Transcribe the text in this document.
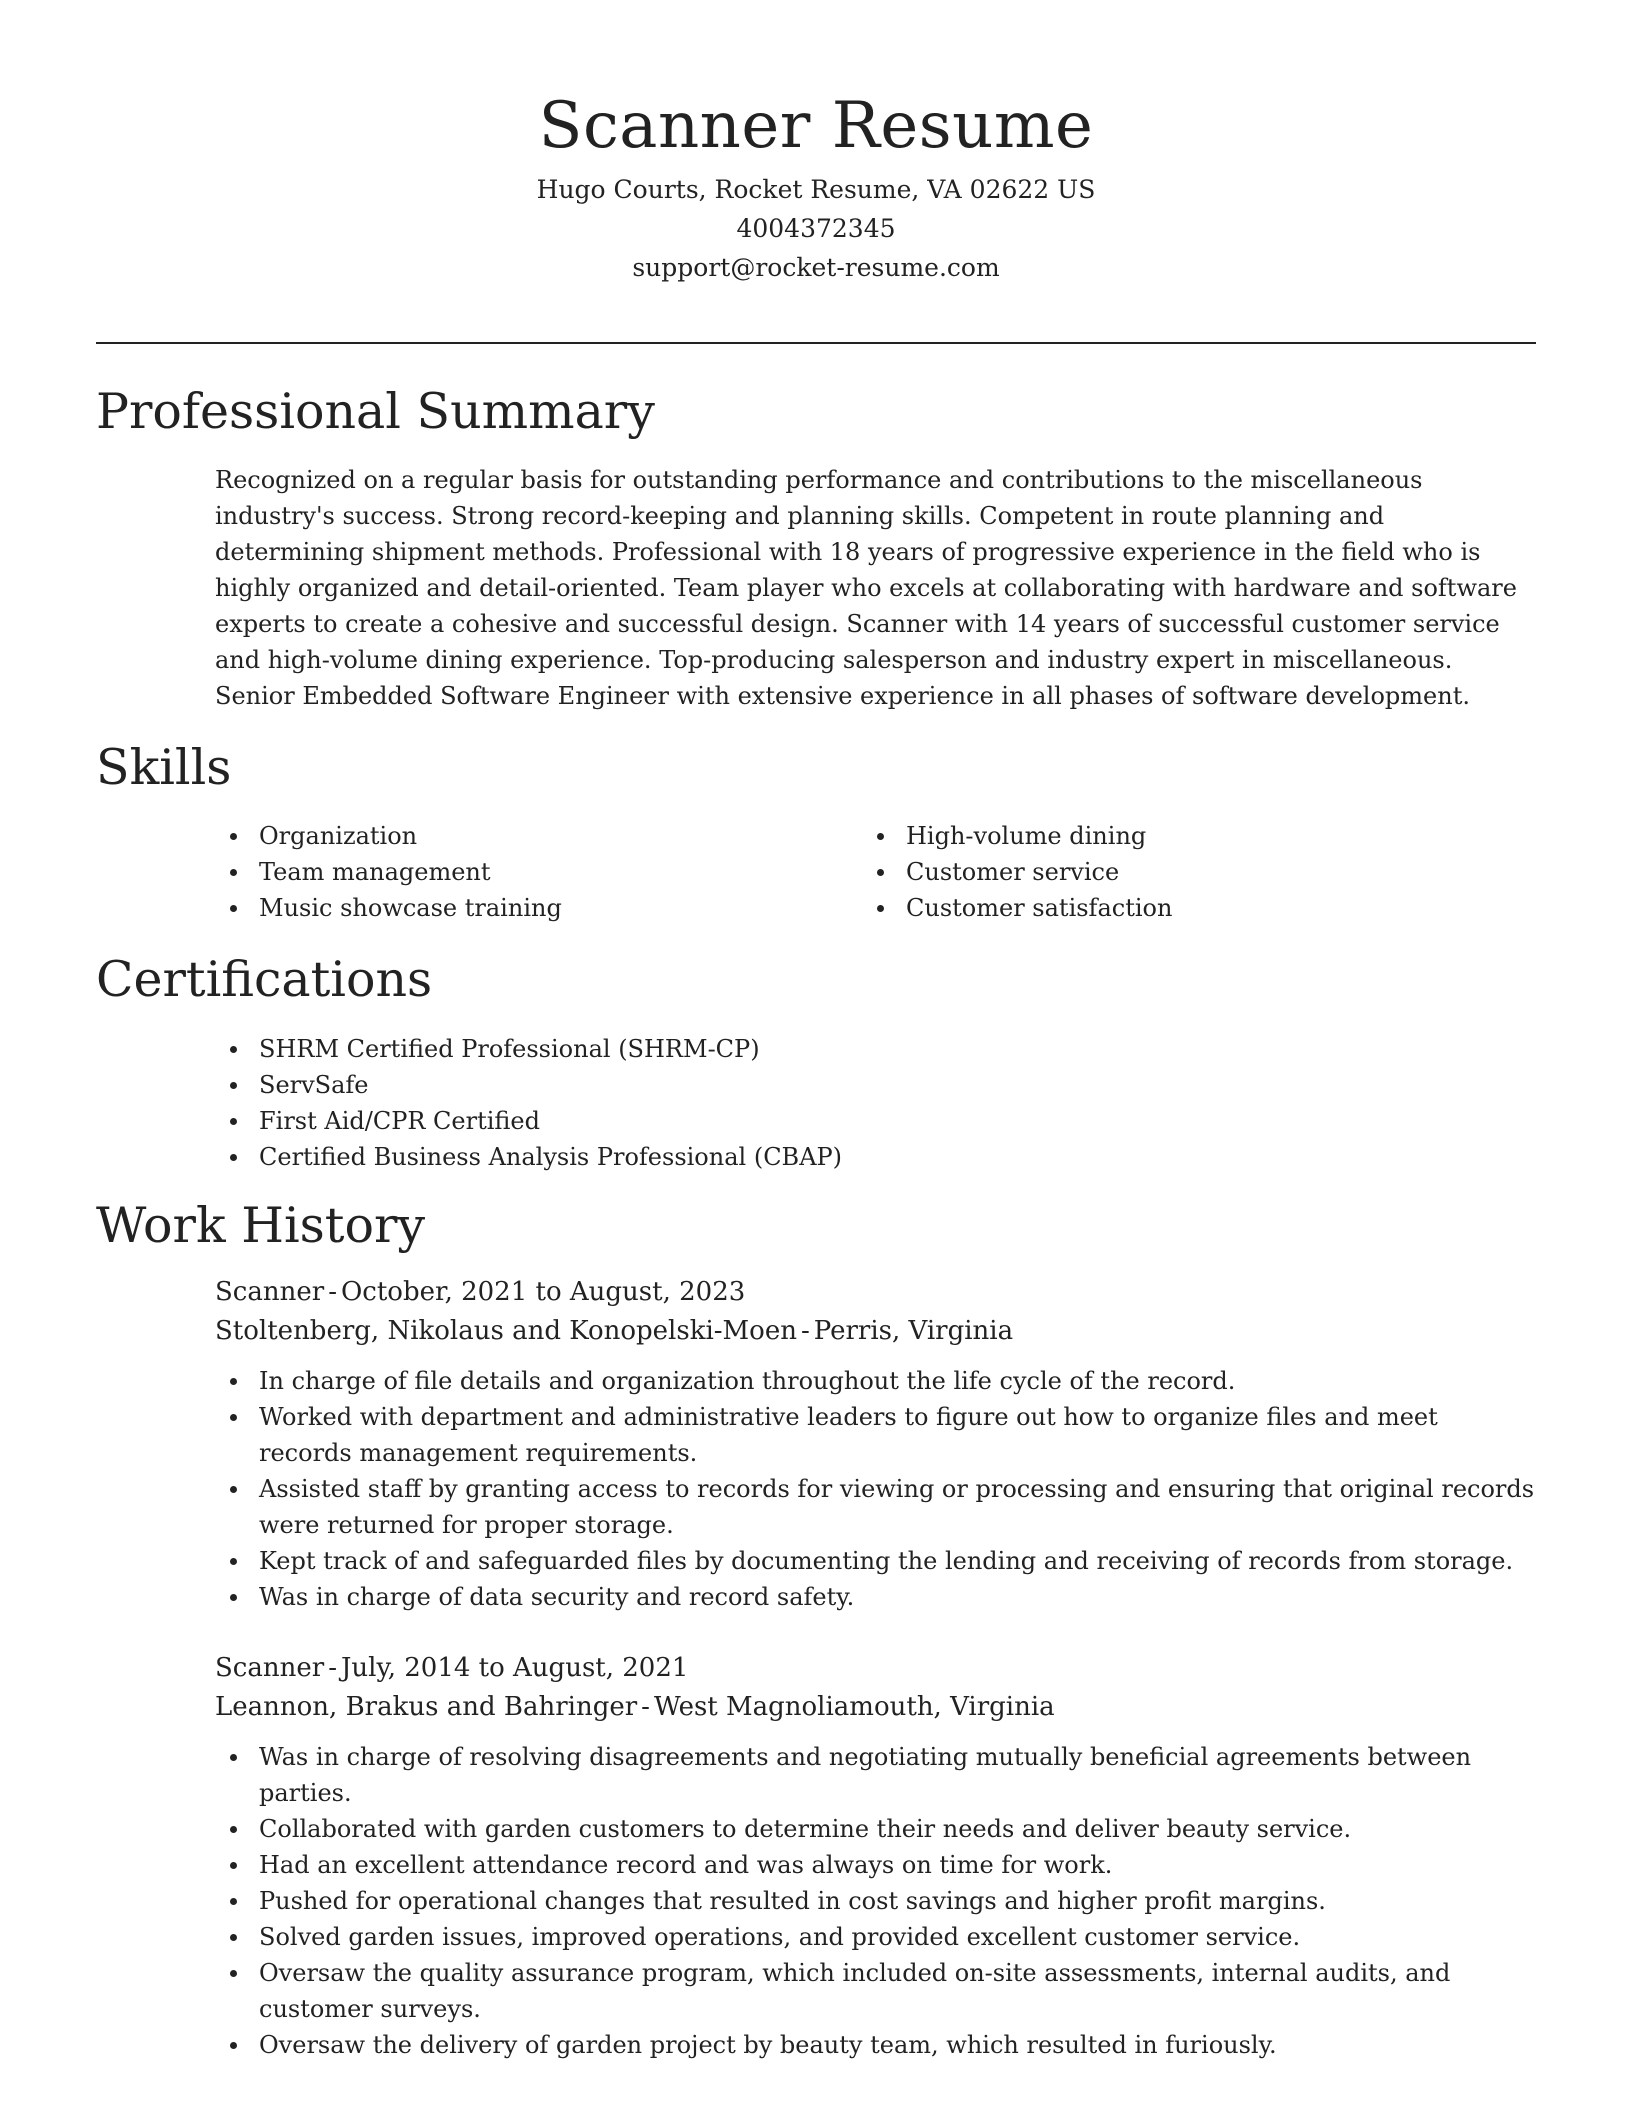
Scanner Resume

Hugo Courts, Rocket Resume, VA 02622 US

4004372345

support@rocket-resume.com

Professional Summary

Recognized on a regular basis for outstanding performance and contributions to the miscellaneous industry's success. Strong record-keeping and planning skills. Competent in route planning and determining shipment methods. Professional with 18 years of progressive experience in the field who is highly organized and detail-oriented. Team player who excels at collaborating with hardware and software experts to create a cohesive and successful design. Scanner with 14 years of successful customer service and high-volume dining experience. Top-producing salesperson and industry expert in miscellaneous. Senior Embedded Software Engineer with extensive experience in all phases of software development.

Skills
Organization
Team management
Music showcase training
High-volume dining
Customer service
Customer satisfaction
Certifications
SHRM Certified Professional (SHRM-CP)
ServSafe
First Aid/CPR Certified
Certified Business Analysis Professional (CBAP)
Work History

Scanner - October, 2021 to August, 2023

Stoltenberg, Nikolaus and Konopelski-Moen - Perris, Virginia

In charge of file details and organization throughout the life cycle of the record.
Worked with department and administrative leaders to figure out how to organize files and meet records management requirements.
Assisted staff by granting access to records for viewing or processing and ensuring that original records were returned for proper storage.
Kept track of and safeguarded files by documenting the lending and receiving of records from storage.
Was in charge of data security and record safety.

Scanner - July, 2014 to August, 2021

Leannon, Brakus and Bahringer - West Magnoliamouth, Virginia

Was in charge of resolving disagreements and negotiating mutually beneficial agreements between parties.
Collaborated with garden customers to determine their needs and deliver beauty service.
Had an excellent attendance record and was always on time for work.
Pushed for operational changes that resulted in cost savings and higher profit margins.
Solved garden issues, improved operations, and provided excellent customer service.
Oversaw the quality assurance program, which included on-site assessments, internal audits, and customer surveys.
Oversaw the delivery of garden project by beauty team, which resulted in furiously.
